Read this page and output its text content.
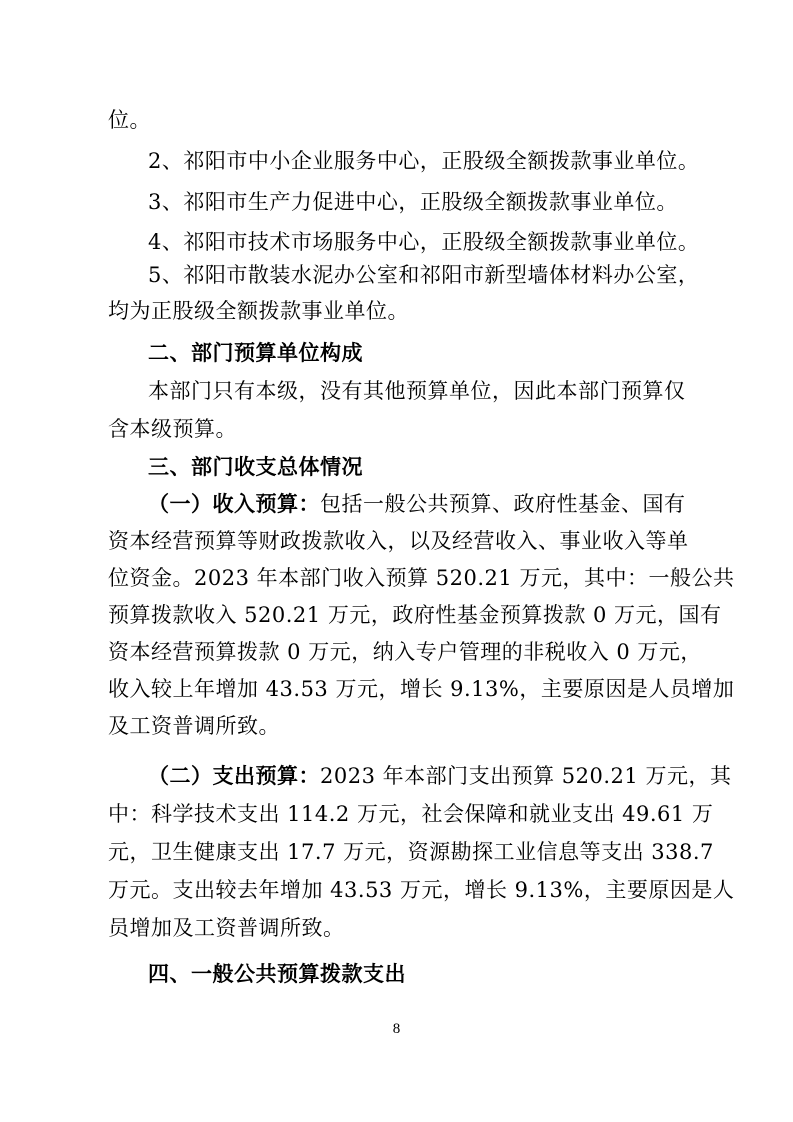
位。
2、祁阳市中小企业服务中心，正股级全额拨款事业单位。
3、祁阳市生产力促进中心，正股级全额拨款事业单位。
4、祁阳市技术市场服务中心，正股级全额拨款事业单位。
5、祁阳市散装水泥办公室和祁阳市新型墙体材料办公室，
均为正股级全额拨款事业单位。
二、部门预算单位构成
本部门只有本级，没有其他预算单位，因此本部门预算仅
含本级预算。
三、部门收支总体情况
（一）收入预算：包括一般公共预算、政府性基金、国有
资本经营预算等财政拨款收入，以及经营收入、事业收入等单
位资金。2023 年本部门收入预算 520.21 万元，其中：一般公共
预算拨款收入 520.21 万元，政府性基金预算拨款 0 万元，国有
资本经营预算拨款 0 万元，纳入专户管理的非税收入 0 万元，
收入较上年增加 43.53 万元，增长 9.13%，主要原因是人员增加
及工资普调所致。
（二）支出预算：2023 年本部门支出预算 520.21 万元，其
中：科学技术支出 114.2 万元，社会保障和就业支出 49.61 万
元，卫生健康支出 17.7 万元，资源勘探工业信息等支出 338.7
万元。支出较去年增加 43.53 万元，增长 9.13%，主要原因是人
员增加及工资普调所致。
四、一般公共预算拨款支出
8
